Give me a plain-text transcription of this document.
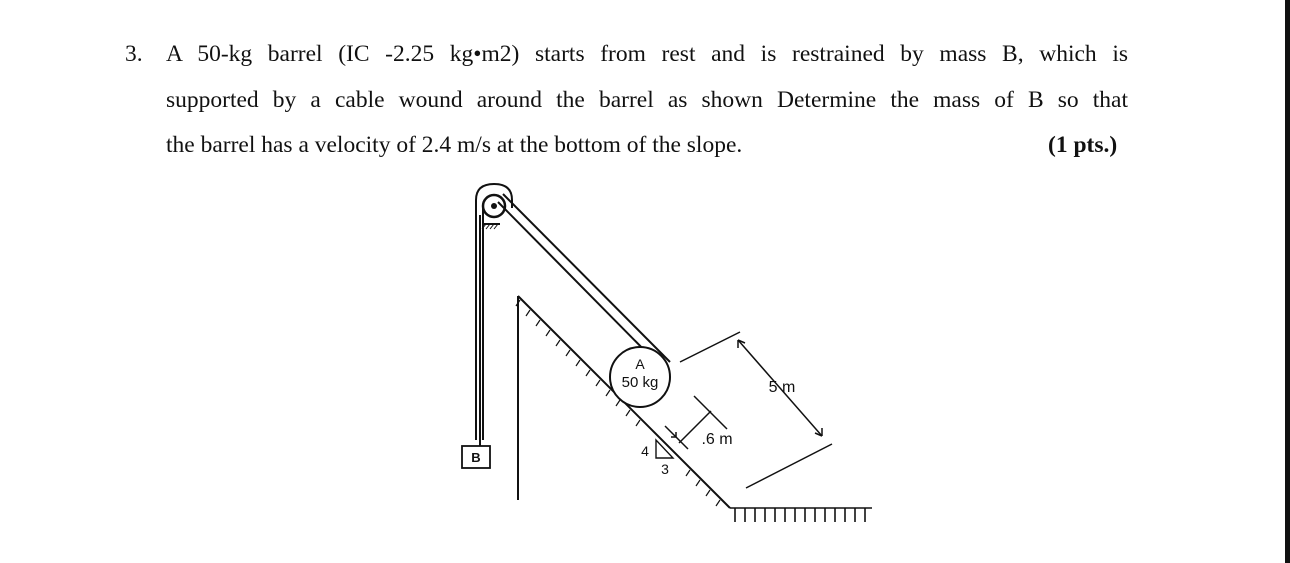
3. A 50-kg barrel (IC -2.25 kg•m2) starts from rest and is restrained by mass B, which is
supported by a cable wound around the barrel as shown Determine the mass of B so that
the barrel has a velocity of 2.4 m/s at the bottom of the slope.	(1 pts.)
B
A
50 kg
4
3
.6 m
5 m
